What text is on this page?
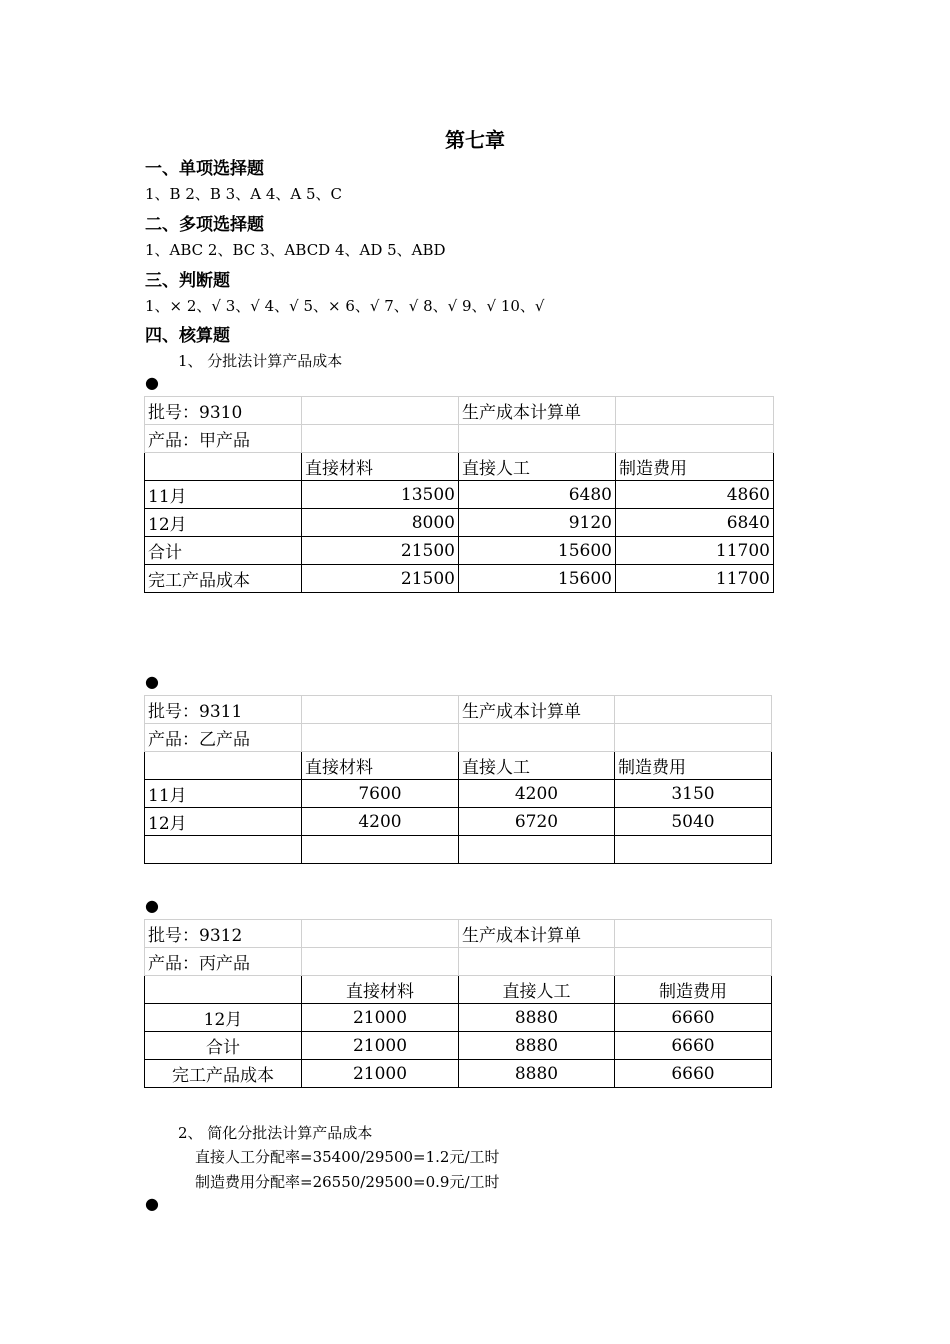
第七章
一、单项选择题
1、B 2、B 3、A 4、A 5、C
二、多项选择题
1、ABC 2、BC 3、ABCD 4、AD 5、ABD
三、判断题
1、× 2、√ 3、√ 4、√ 5、× 6、√ 7、√ 8、√ 9、√ 10、√
四、核算题
1、 分批法计算产品成本
●
批号：9310		生产成本计算单	
产品：甲产品			
	直接材料	直接人工	制造费用
11月	13500	6480	4860
12月	8000	9120	6840
合计	21500	15600	11700
完工产品成本	21500	15600	11700
●
批号：9311		生产成本计算单	
产品：乙产品			
	直接材料	直接人工	制造费用
11月	7600	4200	3150
12月	4200	6720	5040

●
批号：9312		生产成本计算单	
产品：丙产品			
	直接材料	直接人工	制造费用
12月	21000	8880	6660
合计	21000	8880	6660
完工产品成本	21000	8880	6660
2、 简化分批法计算产品成本
直接人工分配率=35400/29500=1.2元/工时
制造费用分配率=26550/29500=0.9元/工时
●
